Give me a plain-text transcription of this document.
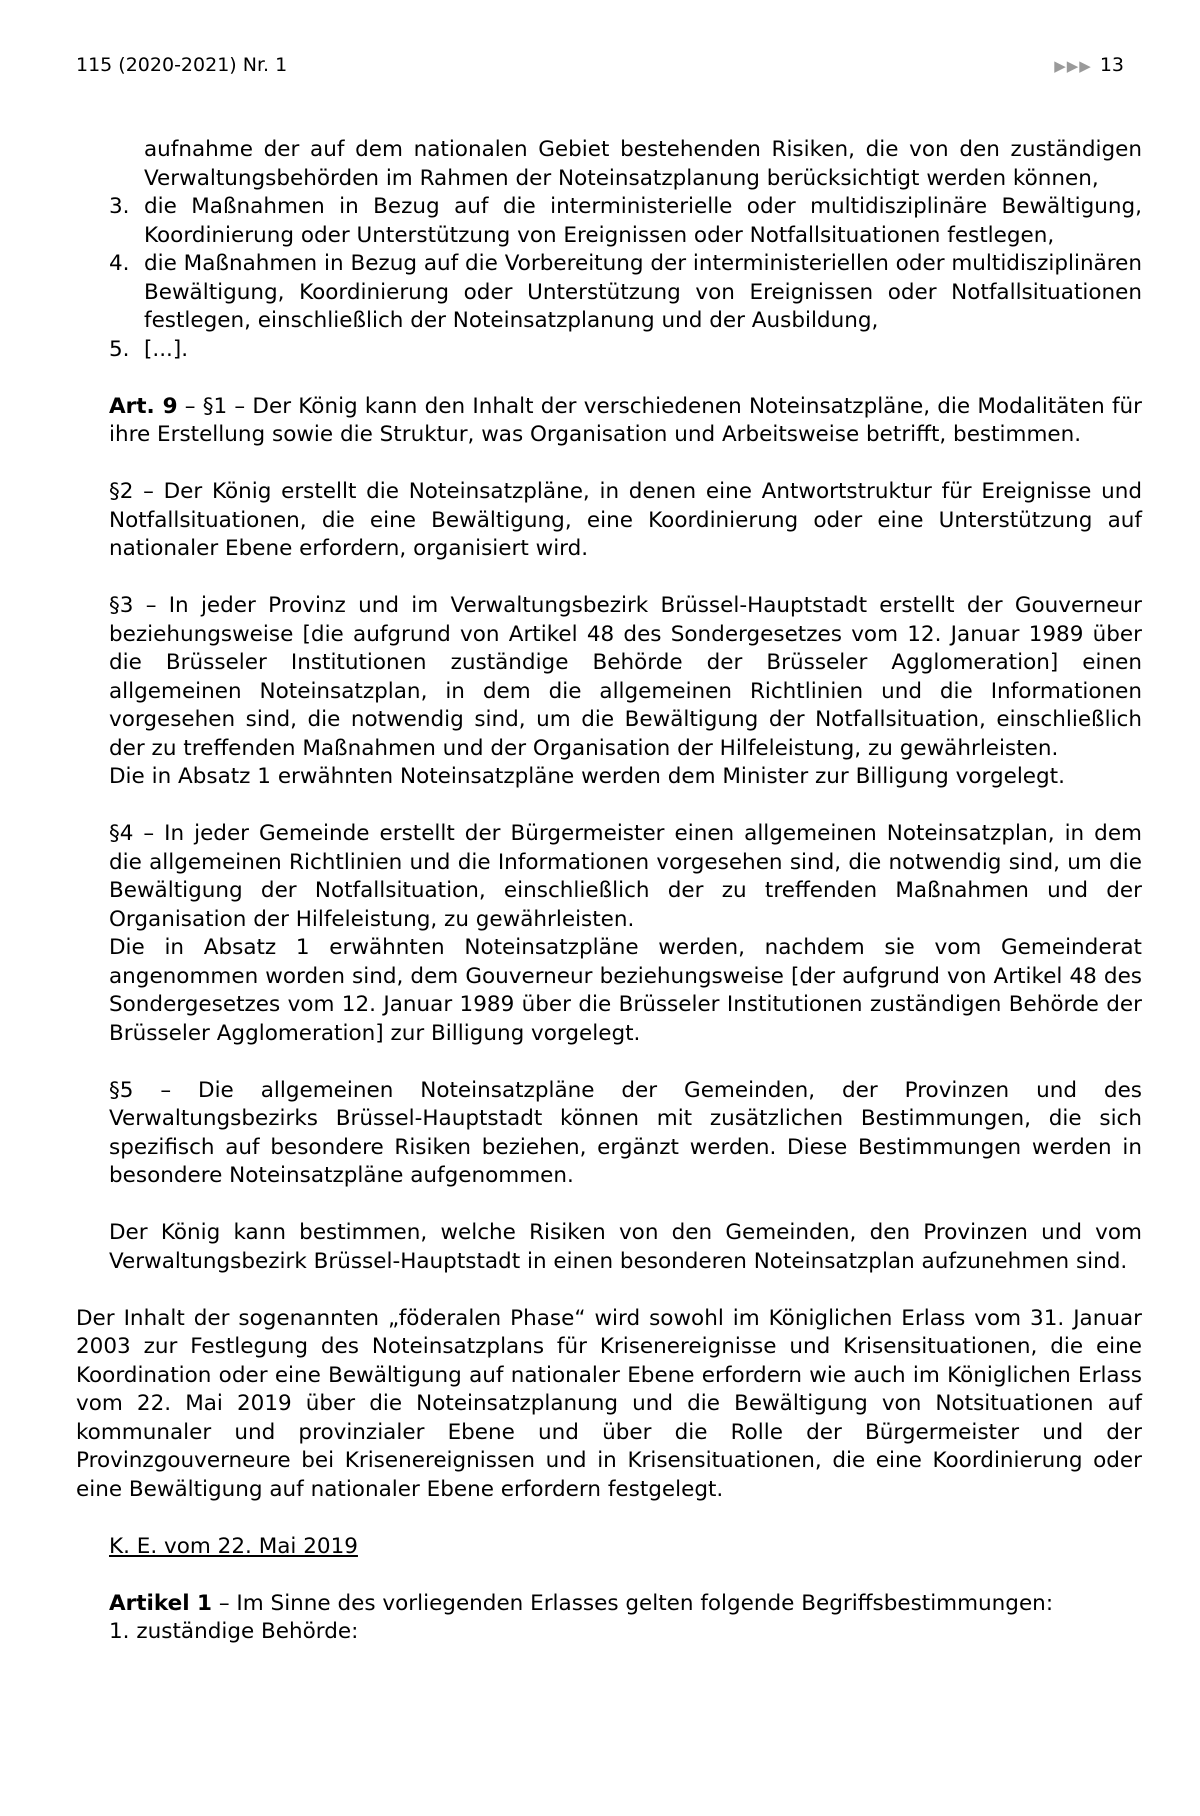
115 (2020-2021) Nr. 1	▶▶▶ 13

aufnahme der auf dem nationalen Gebiet bestehenden Risiken, die von den zuständigen Verwaltungsbehörden im Rahmen der Noteinsatzplanung berücksichtigt werden können,

3. die Maßnahmen in Bezug auf die interministerielle oder multidisziplinäre Bewältigung, Koordinierung oder Unterstützung von Ereignissen oder Notfallsituationen festlegen,
4. die Maßnahmen in Bezug auf die Vorbereitung der interministeriellen oder multidisziplinären Bewältigung, Koordinierung oder Unterstützung von Ereignissen oder Notfallsituationen festlegen, einschließlich der Noteinsatzplanung und der Ausbildung,
5. [...].

Art. 9 – §1 – Der König kann den Inhalt der verschiedenen Noteinsatzpläne, die Modalitäten für ihre Erstellung sowie die Struktur, was Organisation und Arbeitsweise betrifft, bestimmen.

§2 – Der König erstellt die Noteinsatzpläne, in denen eine Antwortstruktur für Ereignisse und Notfallsituationen, die eine Bewältigung, eine Koordinierung oder eine Unterstützung auf nationaler Ebene erfordern, organisiert wird.

§3 – In jeder Provinz und im Verwaltungsbezirk Brüssel-Hauptstadt erstellt der Gouverneur beziehungsweise [die aufgrund von Artikel 48 des Sondergesetzes vom 12. Januar 1989 über die Brüsseler Institutionen zuständige Behörde der Brüsseler Agglomeration] einen allgemeinen Noteinsatzplan, in dem die allgemeinen Richtlinien und die Informationen vorgesehen sind, die notwendig sind, um die Bewältigung der Notfallsituation, einschließlich der zu treffenden Maßnahmen und der Organisation der Hilfeleistung, zu gewährleisten.

Die in Absatz 1 erwähnten Noteinsatzpläne werden dem Minister zur Billigung vorgelegt.

§4 – In jeder Gemeinde erstellt der Bürgermeister einen allgemeinen Noteinsatzplan, in dem die allgemeinen Richtlinien und die Informationen vorgesehen sind, die notwendig sind, um die Bewältigung der Notfallsituation, einschließlich der zu treffenden Maßnahmen und der Organisation der Hilfeleistung, zu gewährleisten.

Die in Absatz 1 erwähnten Noteinsatzpläne werden, nachdem sie vom Gemeinderat angenommen worden sind, dem Gouverneur beziehungsweise [der aufgrund von Artikel 48 des Sondergesetzes vom 12. Januar 1989 über die Brüsseler Institutionen zuständigen Behörde der Brüsseler Agglomeration] zur Billigung vorgelegt.

§5 – Die allgemeinen Noteinsatzpläne der Gemeinden, der Provinzen und des Verwaltungsbezirks Brüssel-Hauptstadt können mit zusätzlichen Bestimmungen, die sich spezifisch auf besondere Risiken beziehen, ergänzt werden. Diese Bestimmungen werden in besondere Noteinsatzpläne aufgenommen.

Der König kann bestimmen, welche Risiken von den Gemeinden, den Provinzen und vom Verwaltungsbezirk Brüssel-Hauptstadt in einen besonderen Noteinsatzplan aufzunehmen sind.

Der Inhalt der sogenannten „föderalen Phase“ wird sowohl im Königlichen Erlass vom 31. Januar 2003 zur Festlegung des Noteinsatzplans für Krisenereignisse und Krisensituationen, die eine Koordination oder eine Bewältigung auf nationaler Ebene erfordern wie auch im Königlichen Erlass vom 22. Mai 2019 über die Noteinsatzplanung und die Bewältigung von Notsituationen auf kommunaler und provinzialer Ebene und über die Rolle der Bürgermeister und der Provinzgouverneure bei Krisenereignissen und in Krisensituationen, die eine Koordinierung oder eine Bewältigung auf nationaler Ebene erfordern festgelegt.

K. E. vom 22. Mai 2019

Artikel 1 – Im Sinne des vorliegenden Erlasses gelten folgende Begriffsbestimmungen:

1. zuständige Behörde:
